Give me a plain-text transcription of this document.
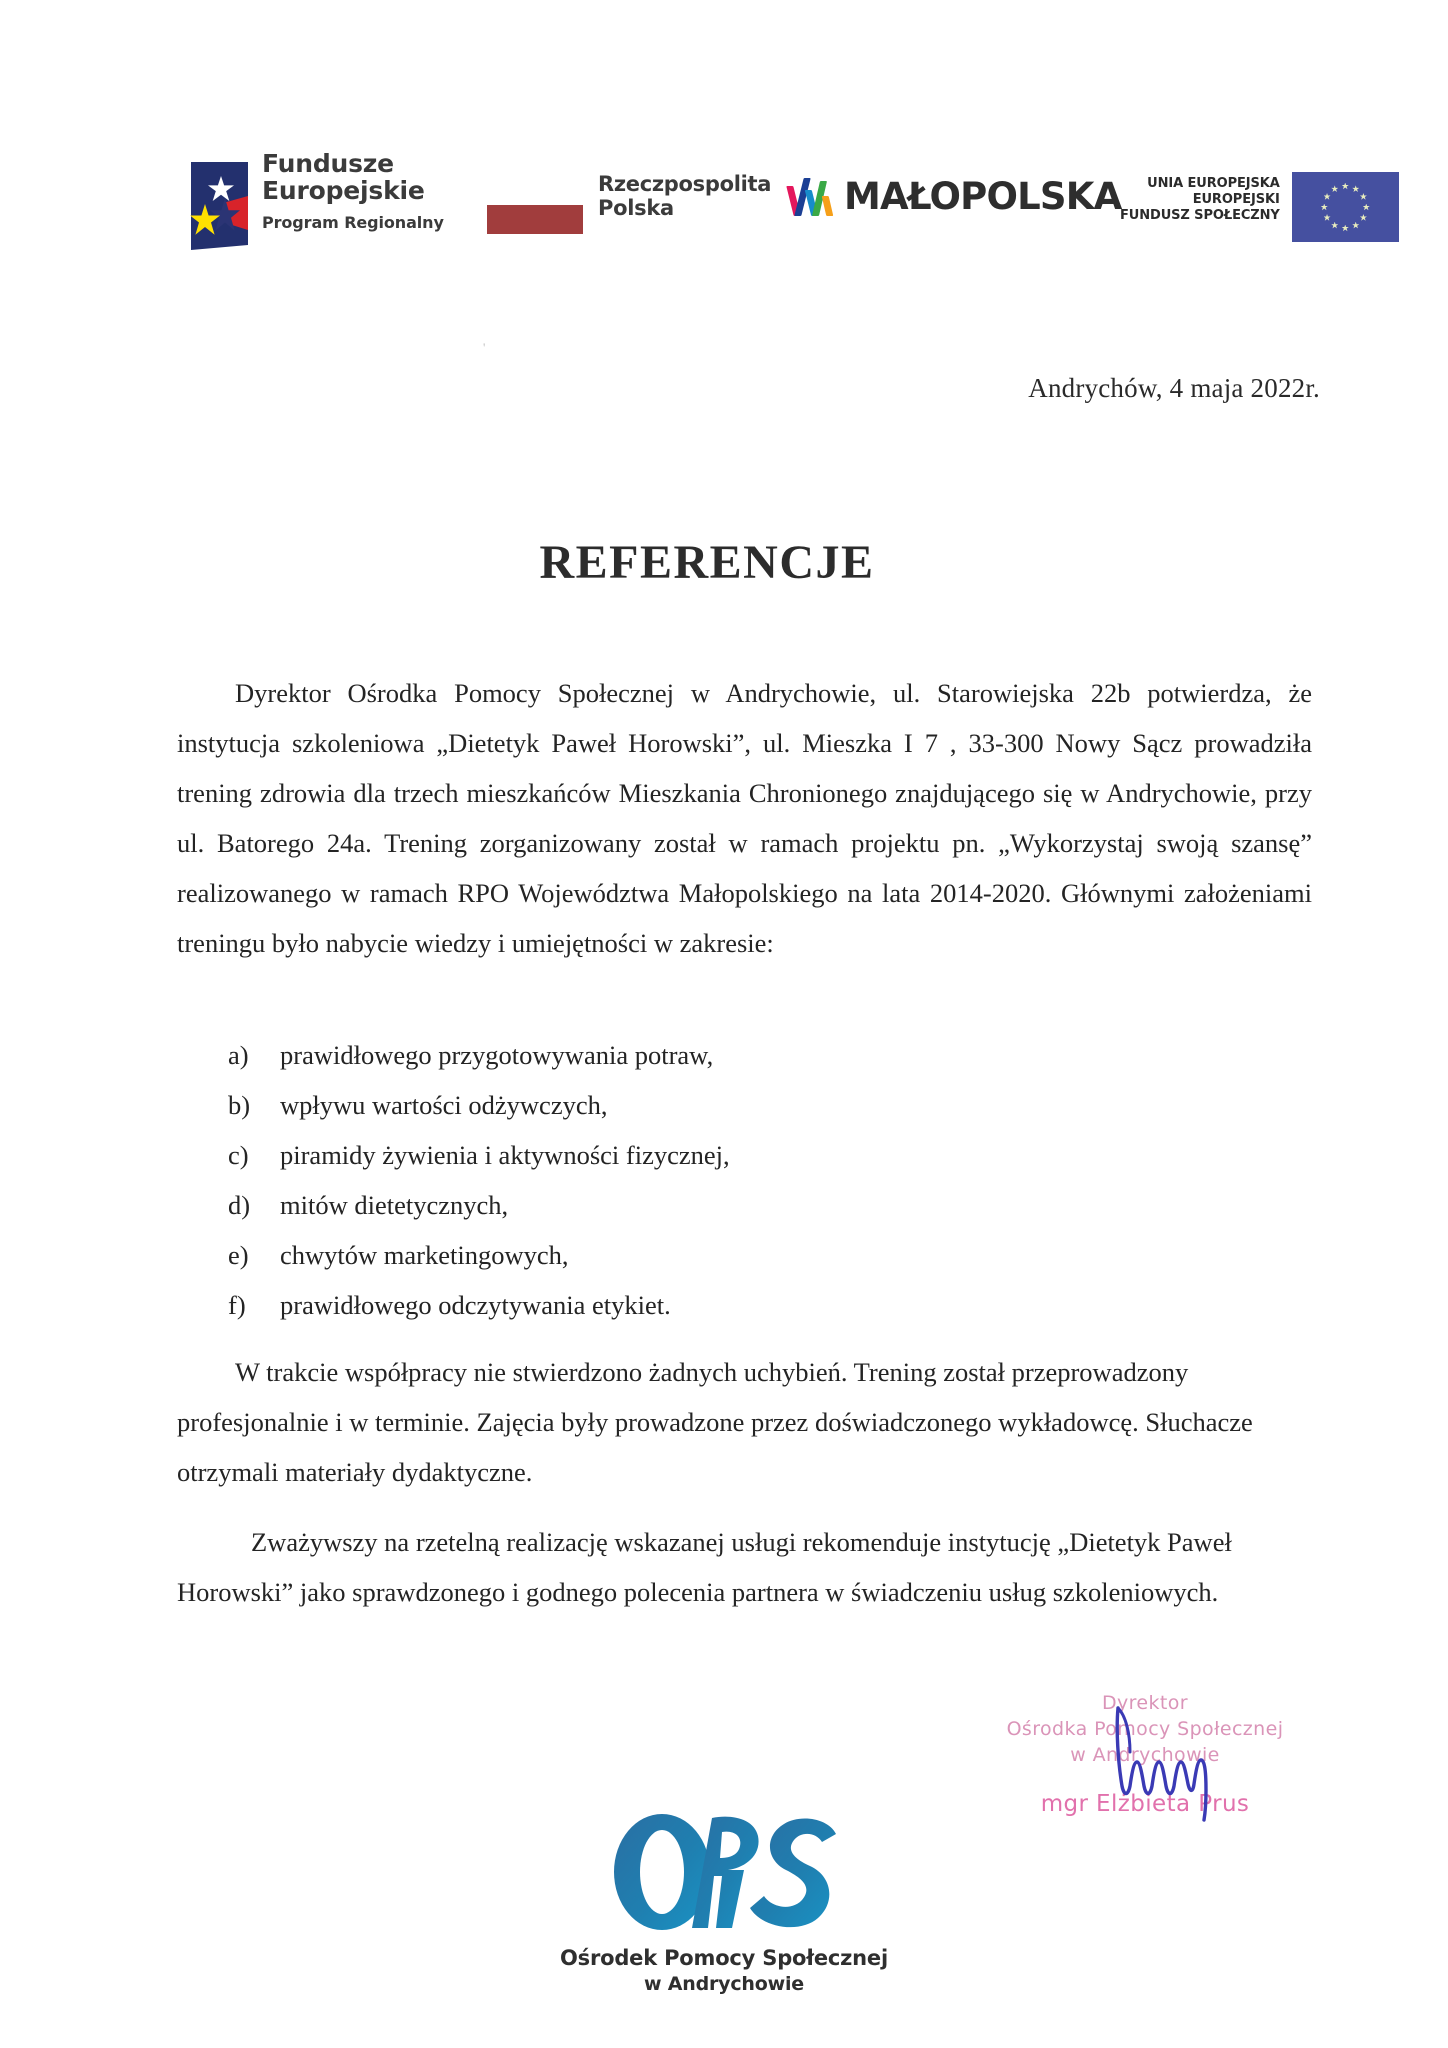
Fundusze
Europejskie
Program Regionalny
Rzeczpospolita
Polska	MAŁOPOLSKA	UNIA EUROPEJSKA
EUROPEJSKI
FUNDUSZ SPOŁECZNY
'
Andrychów, 4 maja 2022r.
REFERENCJE

Dyrektor Ośrodka Pomocy Społecznej w Andrychowie, ul. Starowiejska 22b potwierdza, że instytucja szkoleniowa „Dietetyk Paweł Horowski”, ul. Mieszka I 7 , 33-300 Nowy Sącz prowadziła trening zdrowia dla trzech mieszkańców Mieszkania Chronionego znajdującego się w Andrychowie, przy ul. Batorego 24a. Trening zorganizowany został w ramach projektu pn. „Wykorzystaj swoją szansę” realizowanego w ramach RPO Województwa Małopolskiego na lata 2014-2020. Głównymi założeniami treningu było nabycie wiedzy i umiejętności w zakresie:

a)	prawidłowego przygotowywania potraw,
b)	wpływu wartości odżywczych,
c)	piramidy żywienia i aktywności fizycznej,
d)	mitów dietetycznych,
e)	chwytów marketingowych,
f)	prawidłowego odczytywania etykiet.

W trakcie współpracy nie stwierdzono żadnych uchybień. Trening został przeprowadzony profesjonalnie i w terminie. Zajęcia były prowadzone przez doświadczonego wykładowcę. Słuchacze otrzymali materiały dydaktyczne.

Zważywszy na rzetelną realizację wskazanej usługi rekomenduje instytucję „Dietetyk Paweł Horowski” jako sprawdzonego i godnego polecenia partnera w świadczeniu usług szkoleniowych.

Dyrektor
Ośrodka Pomocy Społecznej
w Andrychowie
mgr Elżbieta Prus
Ośrodek Pomocy Społecznej
w Andrychowie
